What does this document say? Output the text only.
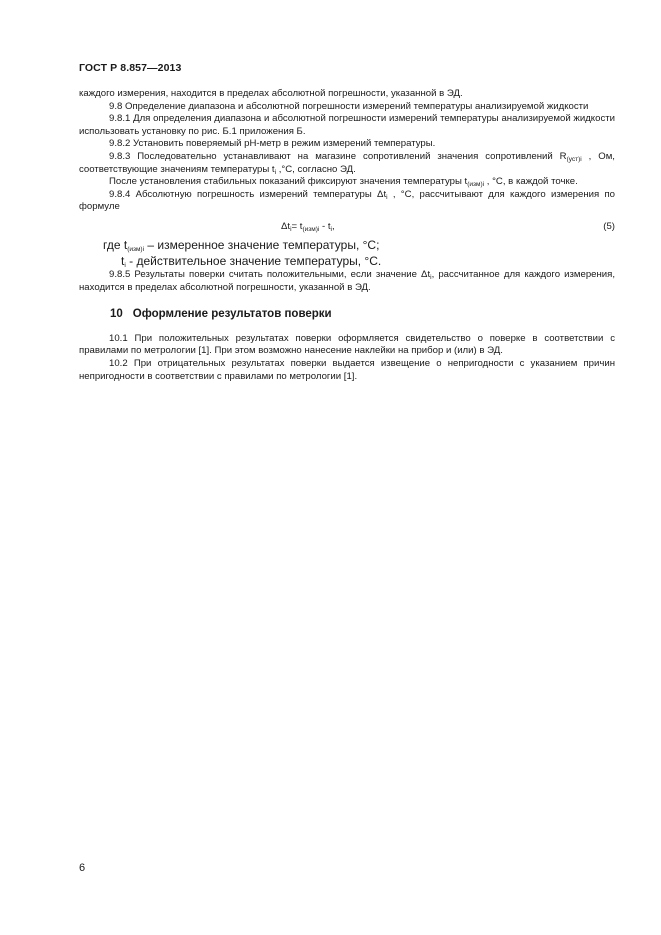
ГОСТ Р 8.857—2013

каждого измерения, находится в пределах абсолютной погрешности, указанной в ЭД.

9.8 Определение диапазона и абсолютной погрешности измерений температуры анализируемой жидкости

9.8.1 Для определения диапазона и абсолютной погрешности измерений температуры анализируемой жидкости использовать установку по рис. Б.1 приложения Б.

9.8.2 Установить поверяемый рН-метр в режим измерений температуры.

9.8.3 Последовательно устанавливают на магазине сопротивлений значения сопротивлений $R_{(уст)i}$ , Ом, соответствующие значениям температуры $t_i$ ,°С, согласно ЭД.

После установления стабильных показаний фиксируют значения температуры $t_{(изм)i}$ , °С, в каждой точке.

9.8.4 Абсолютную погрешность измерений температуры $\Delta t_i$ , °С, рассчитывают для каждого измерения по формуле

$\Delta t_i= t_{(изм)i} - t_i$,	(5)

где $t_{(изм)i}$ – измеренное значение температуры, °С;

$t_i$ - действительное значение температуры, °С.

9.8.5 Результаты поверки считать положительными, если значение $\Delta t_i$, рассчитанное для каждого измерения, находится в пределах абсолютной погрешности, указанной в ЭД.

10 Оформление результатов поверки

10.1 При положительных результатах поверки оформляется свидетельство о поверке в соответствии с правилами по метрологии [1]. При этом возможно нанесение наклейки на прибор и (или) в ЭД.

10.2 При отрицательных результатах поверки выдается извещение о непригодности с указанием причин непригодности в соответствии с правилами по метрологии [1].

6
